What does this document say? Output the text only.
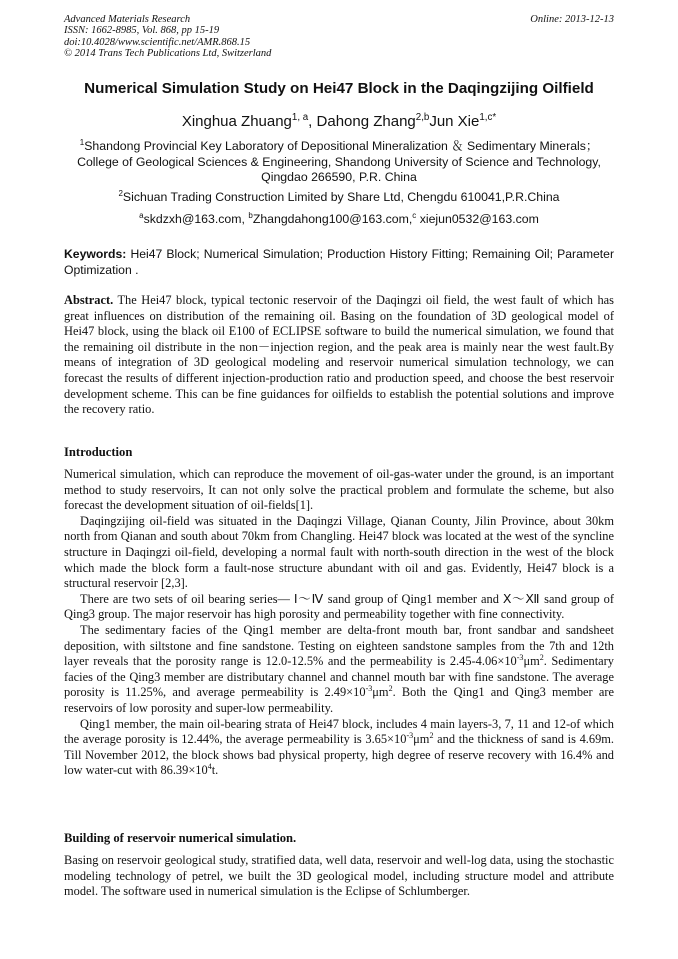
Advanced Materials Research
ISSN: 1662-8985, Vol. 868, pp 15-19
doi:10.4028/www.scientific.net/AMR.868.15
© 2014 Trans Tech Publications Ltd, Switzerland
Online: 2013-12-13
Numerical Simulation Study on Hei47 Block in the Daqingzijing Oilfield
Xinghua Zhuang$^{1, a}$, Dahong Zhang$^{2,b}$Jun Xie$^{1,c*}$
$^1$Shandong Provincial Key Laboratory of Depositional Mineralization ＆ Sedimentary Minerals；
College of Geological Sciences & Engineering, Shandong University of Science and Technology,
Qingdao 266590, P.R. China
$^2$Sichuan Trading Construction Limited by Share Ltd, Chengdu 610041,P.R.China
$^a$skdzxh@163.com, $^b$Zhangdahong100@163.com,$^c$ xiejun0532@163.com
Keywords: Hei47 Block; Numerical Simulation; Production History Fitting; Remaining Oil; Parameter Optimization .
Abstract. The Hei47 block, typical tectonic reservoir of the Daqingzi oil field, the west fault of which has great influences on distribution of the remaining oil. Basing on the foundation of 3D geological model of Hei47 block, using the black oil E100 of ECLIPSE software to build the numerical simulation, we found that the remaining oil distribute in the non－injection region, and the peak area is mainly near the west fault.By means of integration of 3D geological modeling and reservoir numerical simulation technology, we can forecast the results of different injection-production ratio and production speed, and choose the best reservoir development scheme. This can be fine guidances for oilfields to establish the potential solutions and improve the recovery ratio.
Introduction

Numerical simulation, which can reproduce the movement of oil-gas-water under the ground, is an important method to study reservoirs, It can not only solve the practical problem and formulate the scheme, but also forecast the development situation of oil-fields[1].

Daqingzijing oil-field was situated in the Daqingzi Village, Qianan County, Jilin Province, about 30km north from Qianan and south about 70km from Changling. Hei47 block was located at the west of the syncline structure in Daqingzi oil-field, developing a normal fault with north-south direction in the west of the block which made the block form a fault-nose structure abundant with oil and gas. Evidently, Hei47 block is a structural reservoir [2,3].

There are two sets of oil bearing series— Ⅰ～Ⅳ sand group of Qing1 member and Ⅹ～Ⅻ sand group of Qing3 group. The major reservoir has high porosity and permeability together with fine connectivity.

The sedimentary facies of the Qing1 member are delta-front mouth bar, front sandbar and sandsheet deposition, with siltstone and fine sandstone. Testing on eighteen sandstone samples from the 7th and 12th layer reveals that the porosity range is 12.0-12.5% and the permeability is $2.45-4.06\times 10^{-3}\mu m^2$. Sedimentary facies of the Qing3 member are distributary channel and channel mouth bar with fine sandstone. The average porosity is 11.25%, and average permeability is $2.49\times 10^{-3}\mu m^2$. Both the Qing1 and Qing3 member are reservoirs of low porosity and super-low permeability.

Qing1 member, the main oil-bearing strata of Hei47 block, includes 4 main layers-3, 7, 11 and 12-of which the average porosity is 12.44%, the average permeability is $3.65\times 10^{-3}\mu m^2$ and the thickness of sand is 4.69m. Till November 2012, the block shows bad physical property, high degree of reserve recovery with 16.4% and low water-cut with $86.39\times 10^4t$.

Building of reservoir numerical simulation.

Basing on reservoir geological study, stratified data, well data, reservoir and well-log data, using the stochastic modeling technology of petrel, we built the 3D geological model, including structure model and attribute model. The software used in numerical simulation is the Eclipse of Schlumberger.
